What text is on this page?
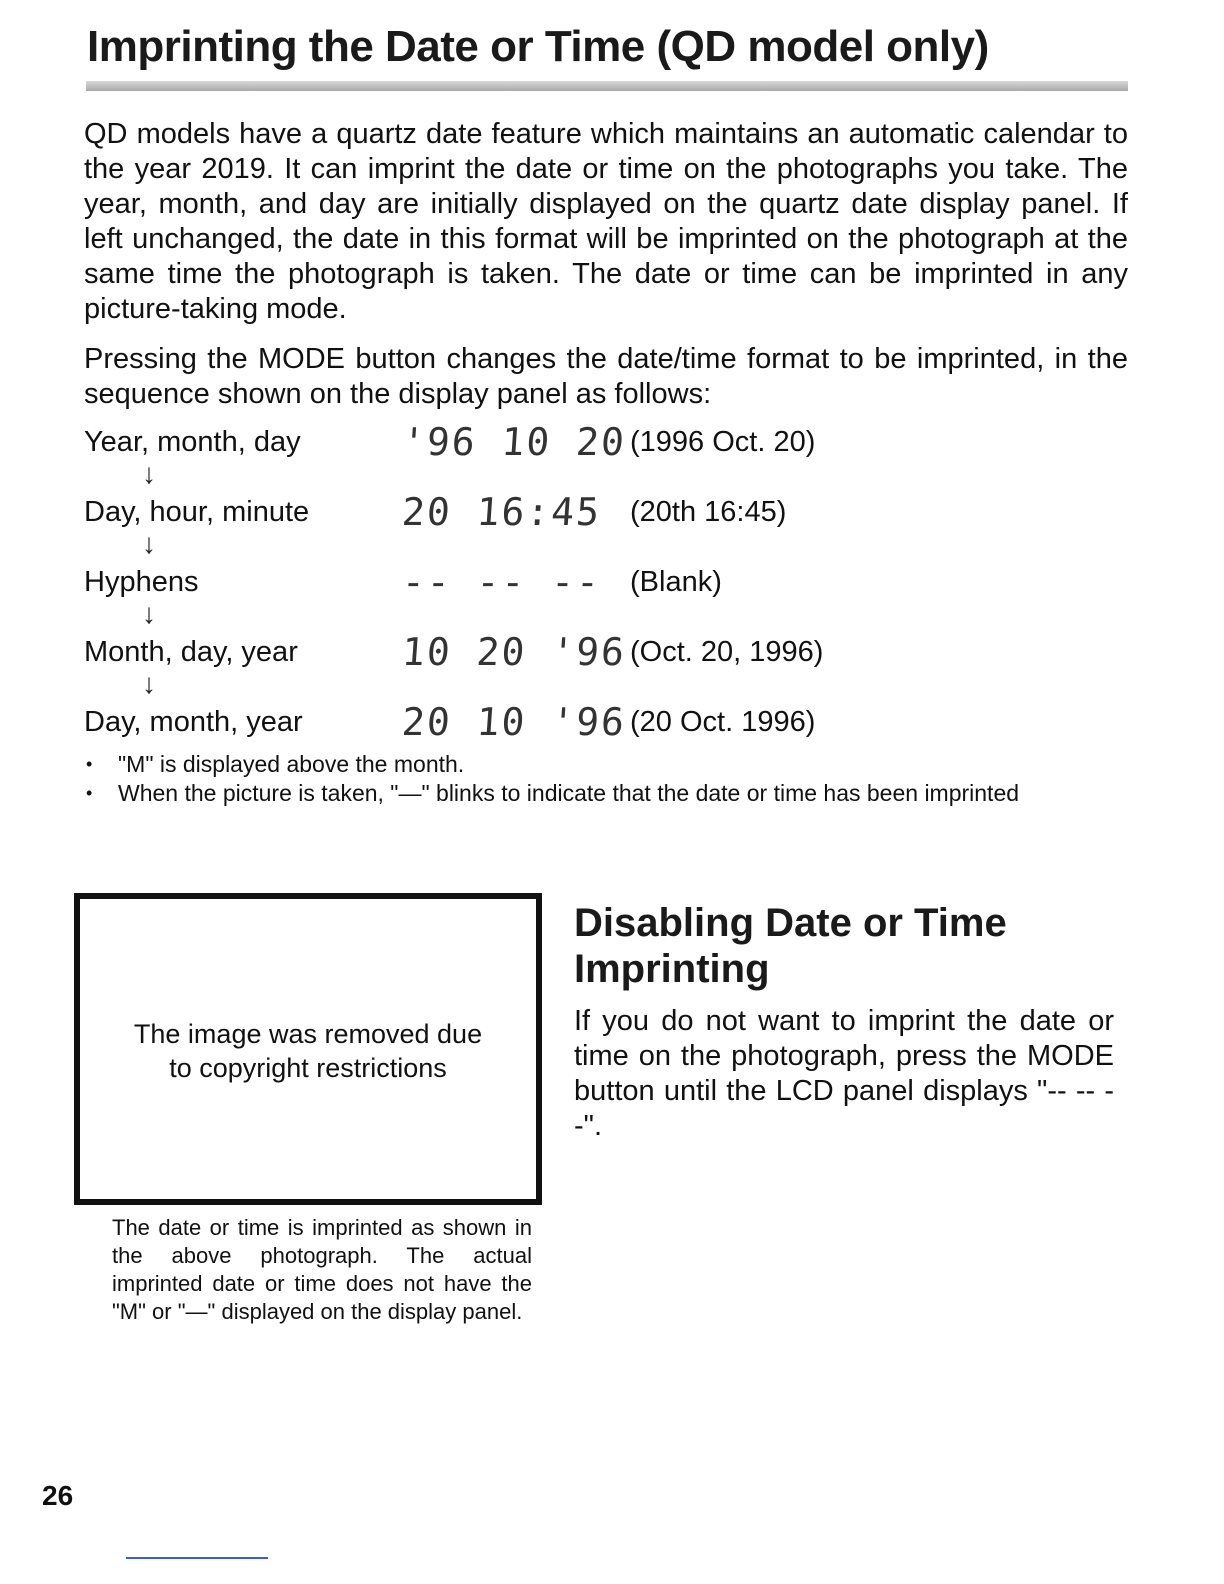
Imprinting the Date or Time (QD model only)

QD models have a quartz date feature which maintains an automatic calendar to the year 2019. It can imprint the date or time on the photographs you take. The year, month, and day are initially displayed on the quartz date display panel. If left unchanged, the date in this format will be imprinted on the photograph at the same time the photograph is taken. The date or time can be imprinted in any picture-taking mode.

Pressing the MODE button changes the date/time format to be imprinted, in the sequence shown on the display panel as follows:

Year, month, day	'96 10 20 (1996 Oct. 20)
↓
Day, hour, minute 20 16:45 (20th 16:45)
↓
Hyphens	-- -- -- (Blank)
↓
Month, day, year	10 20 '96 (Oct. 20, 1996)
↓
Day, month, year	20 10 '96 (20 Oct. 1996)
• "M" is displayed above the month.
• When the picture is taken, "—" blinks to indicate that the date or time has been imprinted
The image was removed due
to copyright restrictions

The date or time is imprinted as shown in the above photograph. The actual imprinted date or time does not have the "M" or "—" displayed on the display panel.

Disabling Date or Time Imprinting

If you do not want to imprint the date or time on the photograph, press the MODE button until the LCD panel displays "-- -- --".

26
